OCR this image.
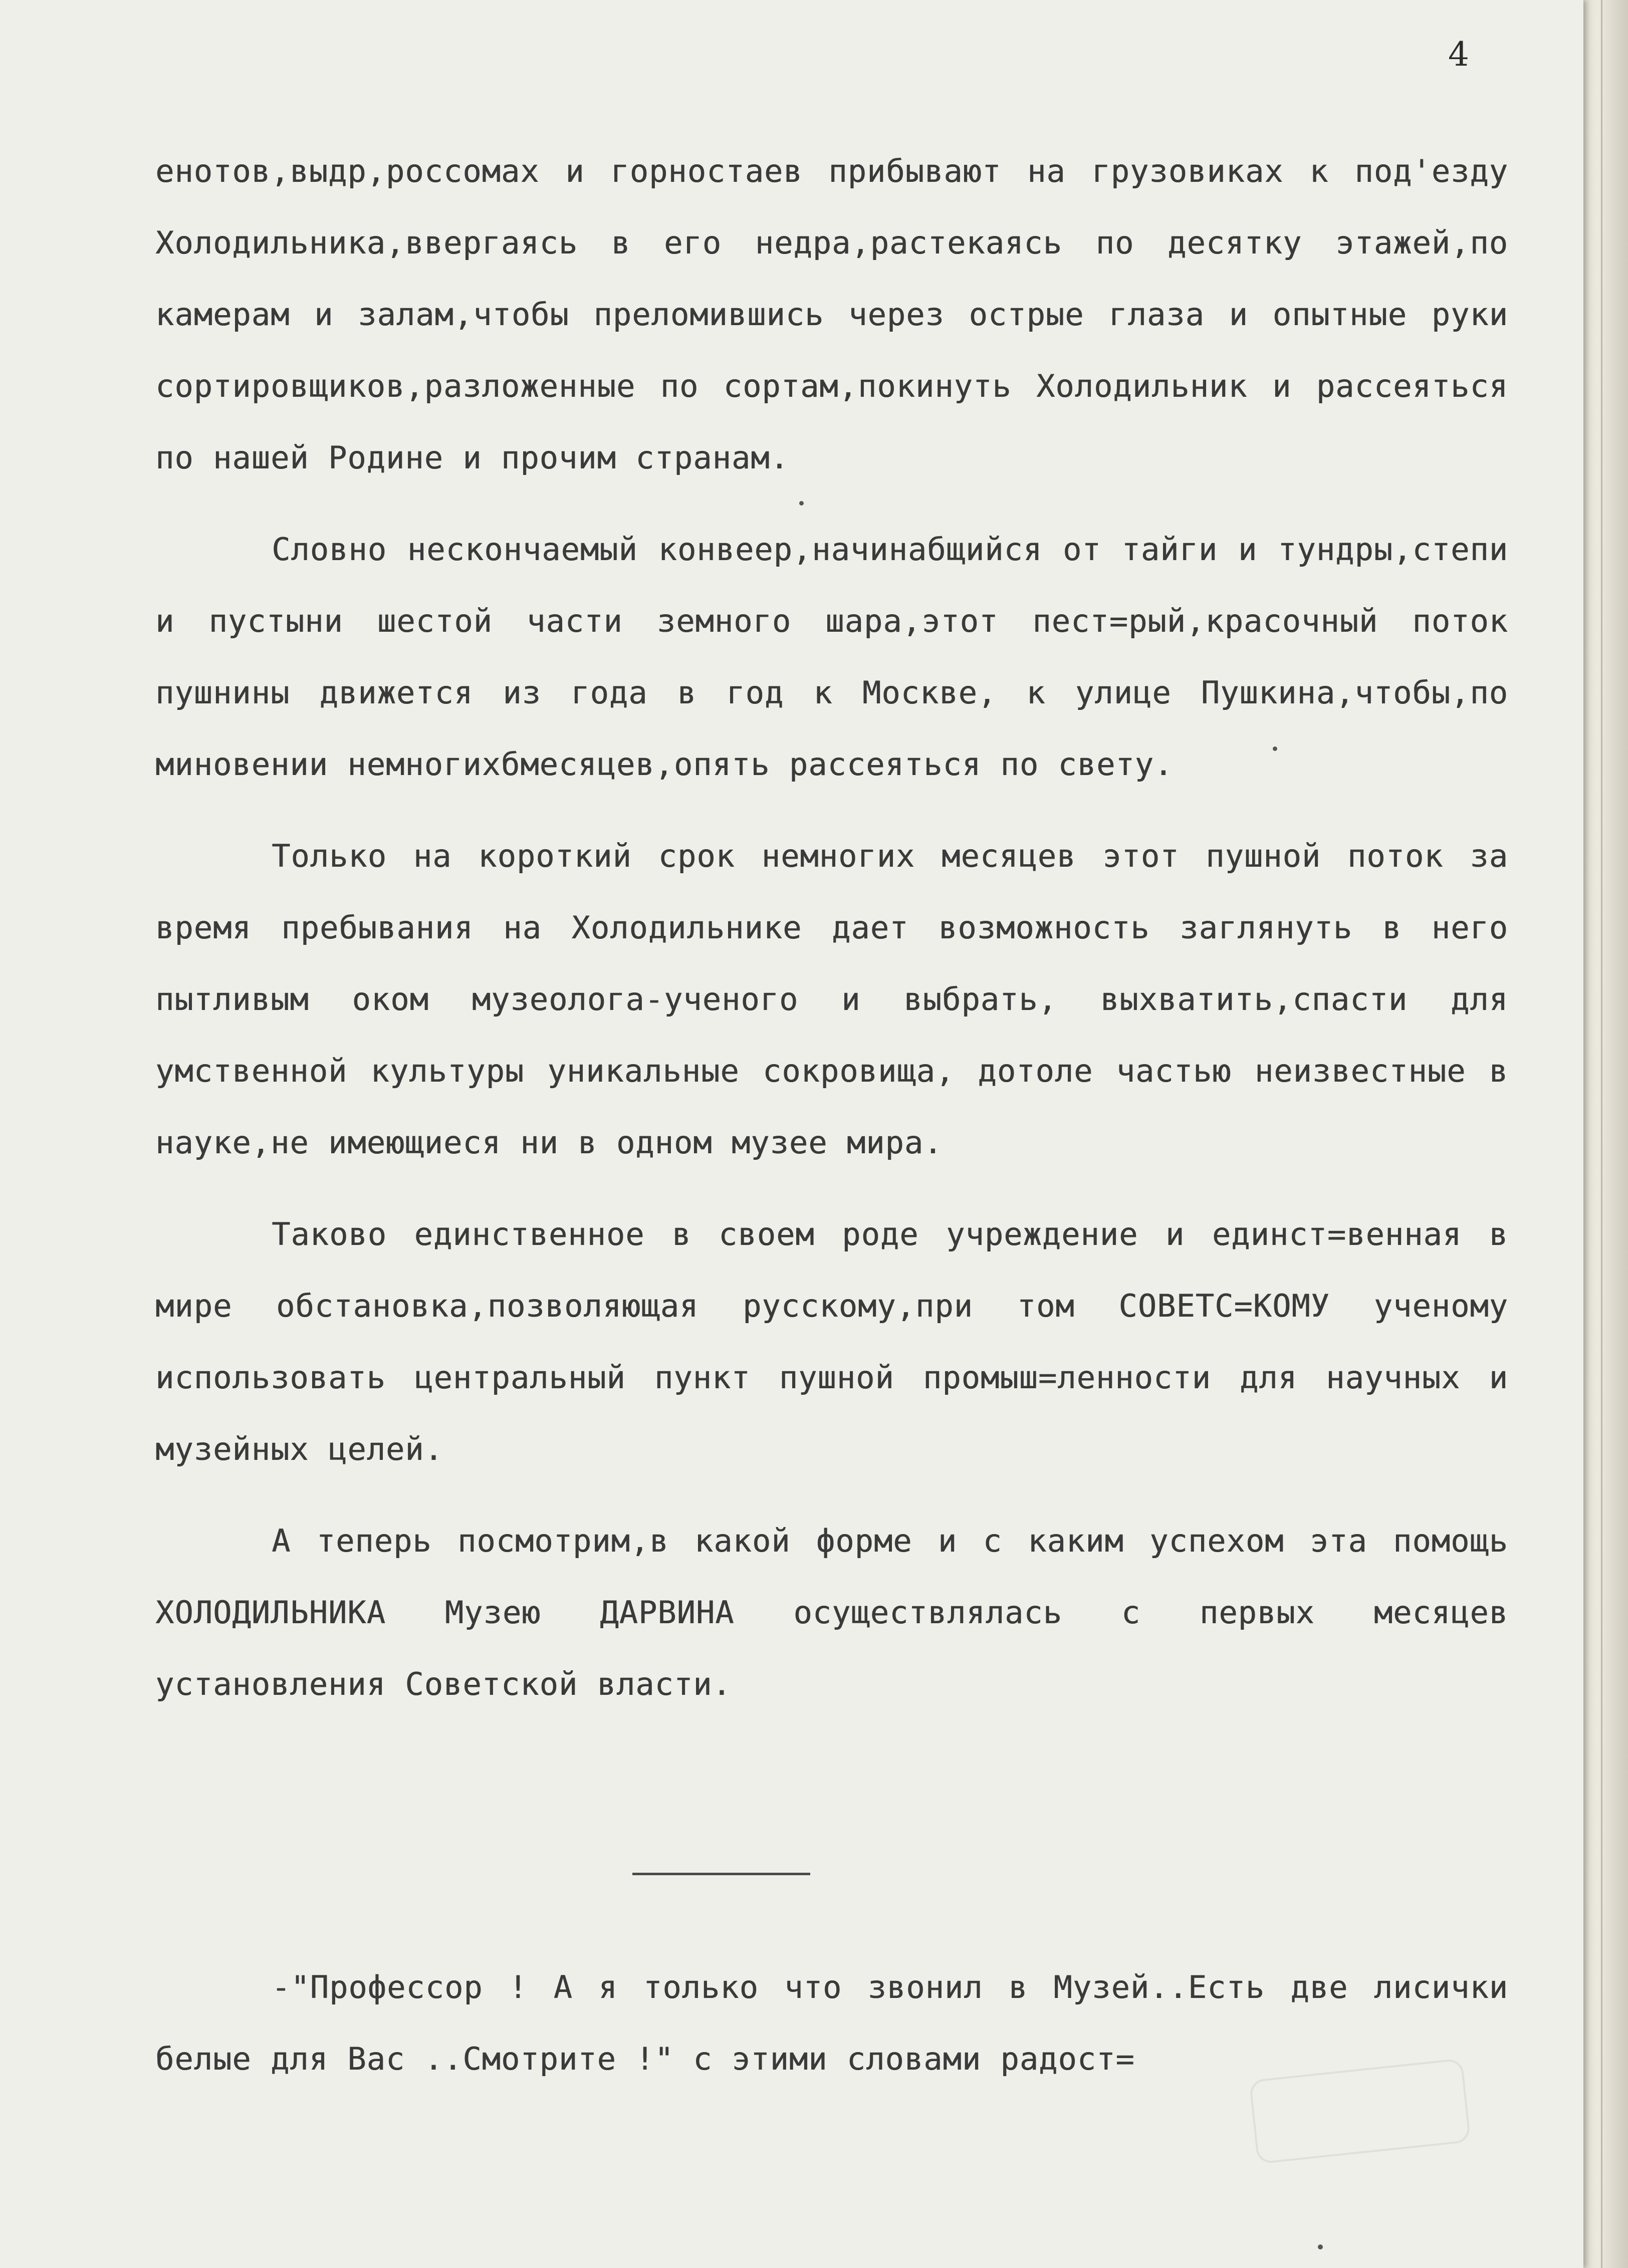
4

енотов,выдр,россомах и горностаев прибывают на грузовиках к под'езду Холодильника,ввергаясь в его недра,растекаясь по десятку этажей,по камерам и залам,чтобы преломившись через острые глаза и опытные руки сортировщиков,разложенные по сортам,покинуть Холодильник и рассеяться по нашей Родине и прочим странам.

Словно нескончаемый конвеер,начинабщийся от тайги и тундры,степи и пустыни шестой части земного шара,этот пест=рый,красочный поток пушнины движется из года в год к Москве, к улице Пушкина,чтобы,по миновении немногихбмесяцев,опять рассеяться по свету.

Только на короткий срок немногих месяцев этот пушной поток за время пребывания на Холодильнике дает возможность заглянуть в него пытливым оком музеолога-ученого и выбрать, выхватить,спасти для умственной культуры уникальные сокровища, дотоле частью неизвестные в науке,не имеющиеся ни в одном музее мира.

Таково единственное в своем роде учреждение и единст=венная в мире обстановка,позволяющая русскому,при том СОВЕТС=КОМУ ученому использовать центральный пункт пушной промыш=ленности для научных и музейных целей.

А теперь посмотрим,в какой форме и с каким успехом эта помощь ХОЛОДИЛЬНИКА Музею ДАРВИНА осуществлялась с первых месяцев установления Советской власти.

-"Профессор ! А я только что звонил в Музей..Есть две лисички белые для Вас ..Смотрите !" с этими словами радост=
